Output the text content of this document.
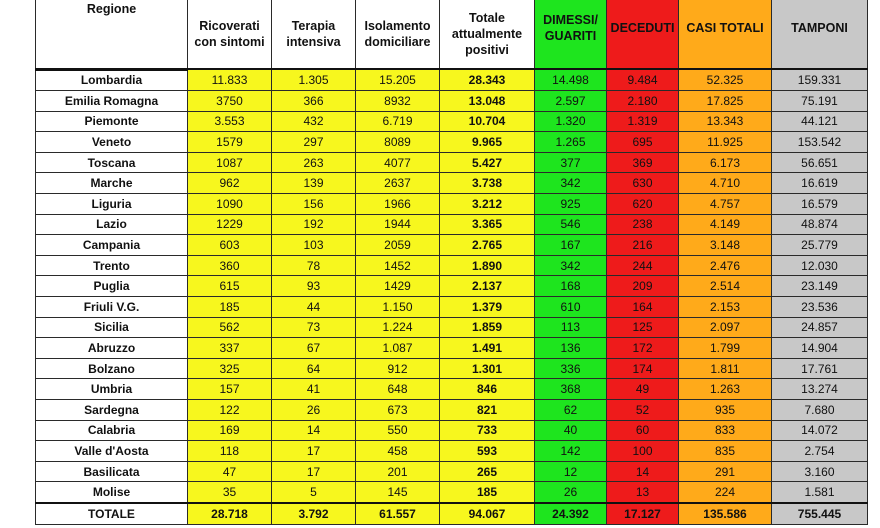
Regione					DIMESSI/ GUARITI	DECEDUTI	CASI TOTALI	TAMPONI

	Ricoverati con sintomi	Terapia intensiva	Isolamento domiciliare	Totale attualmente positivi				

Lombardia	11.833	1.305	15.205	28.343	14.498	9.484	52.325	159.331
Emilia Romagna	3750	366	8932	13.048	2.597	2.180	17.825	75.191
Piemonte	3.553	432	6.719	10.704	1.320	1.319	13.343	44.121
Veneto	1579	297	8089	9.965	1.265	695	11.925	153.542
Toscana	1087	263	4077	5.427	377	369	6.173	56.651
Marche	962	139	2637	3.738	342	630	4.710	16.619
Liguria	1090	156	1966	3.212	925	620	4.757	16.579
Lazio	1229	192	1944	3.365	546	238	4.149	48.874
Campania	603	103	2059	2.765	167	216	3.148	25.779
Trento	360	78	1452	1.890	342	244	2.476	12.030
Puglia	615	93	1429	2.137	168	209	2.514	23.149
Friuli V.G.	185	44	1.150	1.379	610	164	2.153	23.536
Sicilia	562	73	1.224	1.859	113	125	2.097	24.857
Abruzzo	337	67	1.087	1.491	136	172	1.799	14.904
Bolzano	325	64	912	1.301	336	174	1.811	17.761
Umbria	157	41	648	846	368	49	1.263	13.274
Sardegna	122	26	673	821	62	52	935	7.680
Calabria	169	14	550	733	40	60	833	14.072
Valle d'Aosta	118	17	458	593	142	100	835	2.754
Basilicata	47	17	201	265	12	14	291	3.160
Molise	35	5	145	185	26	13	224	1.581
TOTALE	28.718	3.792	61.557	94.067	24.392	17.127	135.586	755.445
